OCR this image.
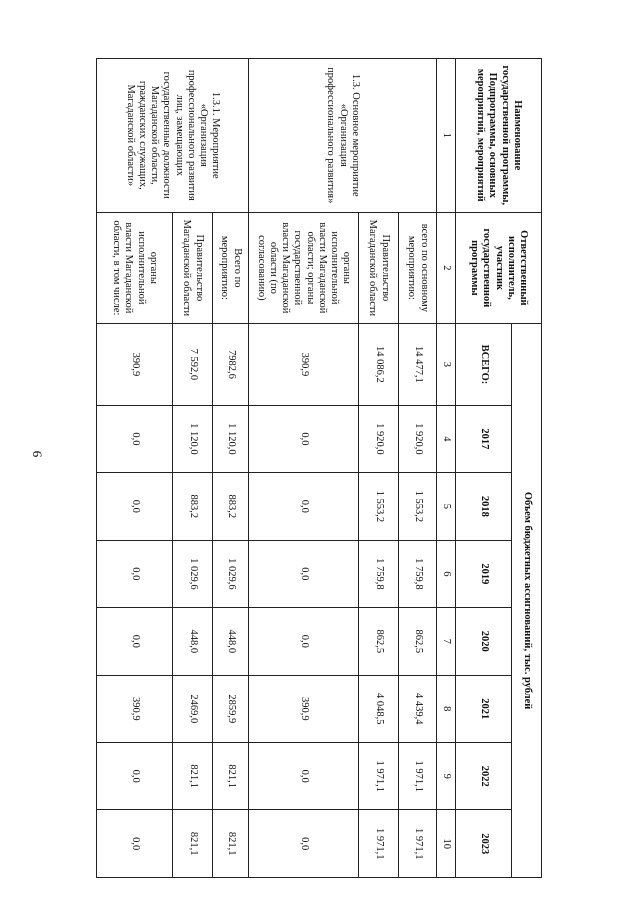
9
Наименование государственной программы, Подпрограммы, основных мероприятий, мероприятий	Ответственный исполнитель, участник государственной программы	Объем бюджетных ассигнований, тыс. рублей							
		ВСЕГО:	2017	2018	2019	2020	2021	2022	2023
1	2	3	4	5	6	7	8	9	10
1.3. Основное мероприятие «Организация профессионального развития»	всего по основному мероприятию:	14 477,1	1 920,0	1 553,2	1 759,8	862,5	4 439,4	1 971,1	1 971,1
	Правительство Магаданской области	14 086,2	1 920,0	1 553,2	1 759,8	862,5	4 048,5	1 971,1	1 971,1
	органы исполнительной власти Магаданской области; органы государственной власти Магаданской области (по согласованию)	390,9	0,0	0,0	0,0	0,0	390,9	0,0	0,0
1.3.1. Мероприятие «Организация профессионального развития лиц, замещающих государственные должности Магаданской области, гражданских служащих, Магаданской области»	Всего по мероприятию:	7982,6	1 120,0	883,2	1 029,6	448,0	2859,9	821,1	821,1
	Правительство Магаданской области	7 592,0	1 120,0	883,2	1 029,6	448,0	2469,0	821,1	821,1
	органы исполнительной власти Магаданской области, в том числе:	390,9	0,0	0,0	0,0	0,0	390,9	0,0	0,0
